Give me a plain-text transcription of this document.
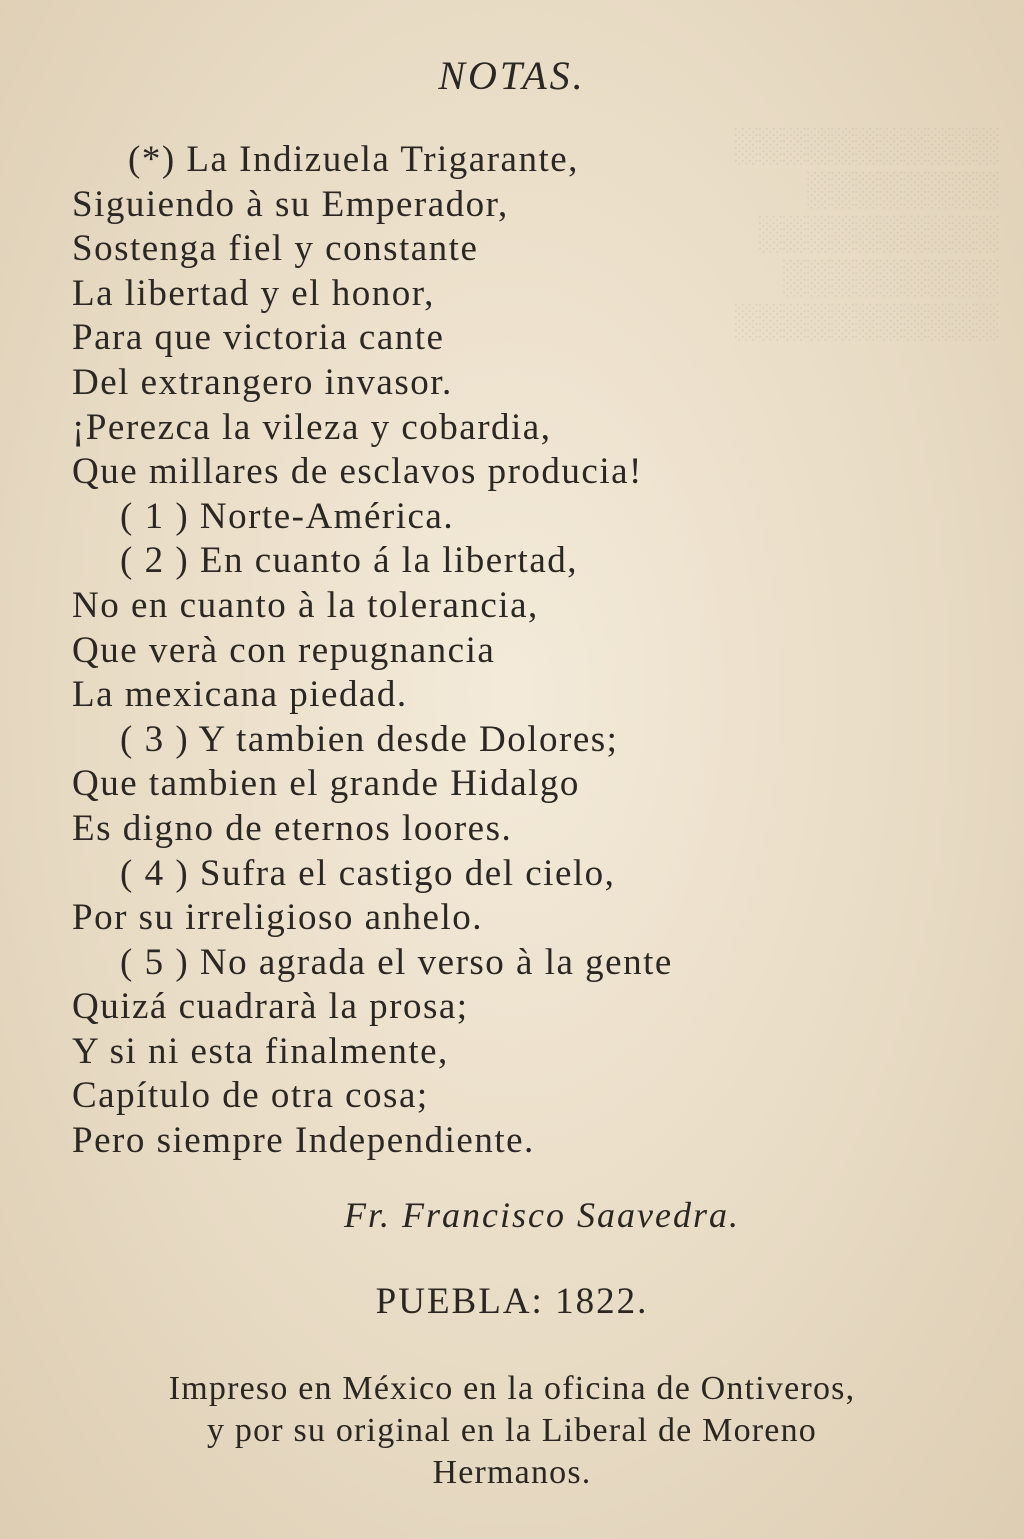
░░░░░░░░░░░
░░░░░░░░
░░░░░░░░░░
░░░░░░░░░
░░░░░░░░░░░

NOTAS.
(*) La Indizuela Trigarante,
Siguiendo à su Emperador,
Sostenga fiel y constante
La libertad y el honor,
Para que victoria cante
Del extrangero invasor.
¡Perezca la vileza y cobardia,
Que millares de esclavos producia!
( 1 ) Norte-América.
( 2 ) En cuanto á la libertad,
No en cuanto à la tolerancia,
Que verà con repugnancia
La mexicana piedad.
( 3 ) Y tambien desde Dolores;
Que tambien el grande Hidalgo
Es digno de eternos loores.
( 4 ) Sufra el castigo del cielo,
Por su irreligioso anhelo.
( 5 ) No agrada el verso à la gente
Quizá cuadrarà la prosa;
Y si ni esta finalmente,
Capítulo de otra cosa;
Pero siempre Independiente.
Fr. Francisco Saavedra.
PUEBLA: 1822.
Impreso en México en la oficina de Ontiveros,
y por su original en la Liberal de Moreno
Hermanos.
